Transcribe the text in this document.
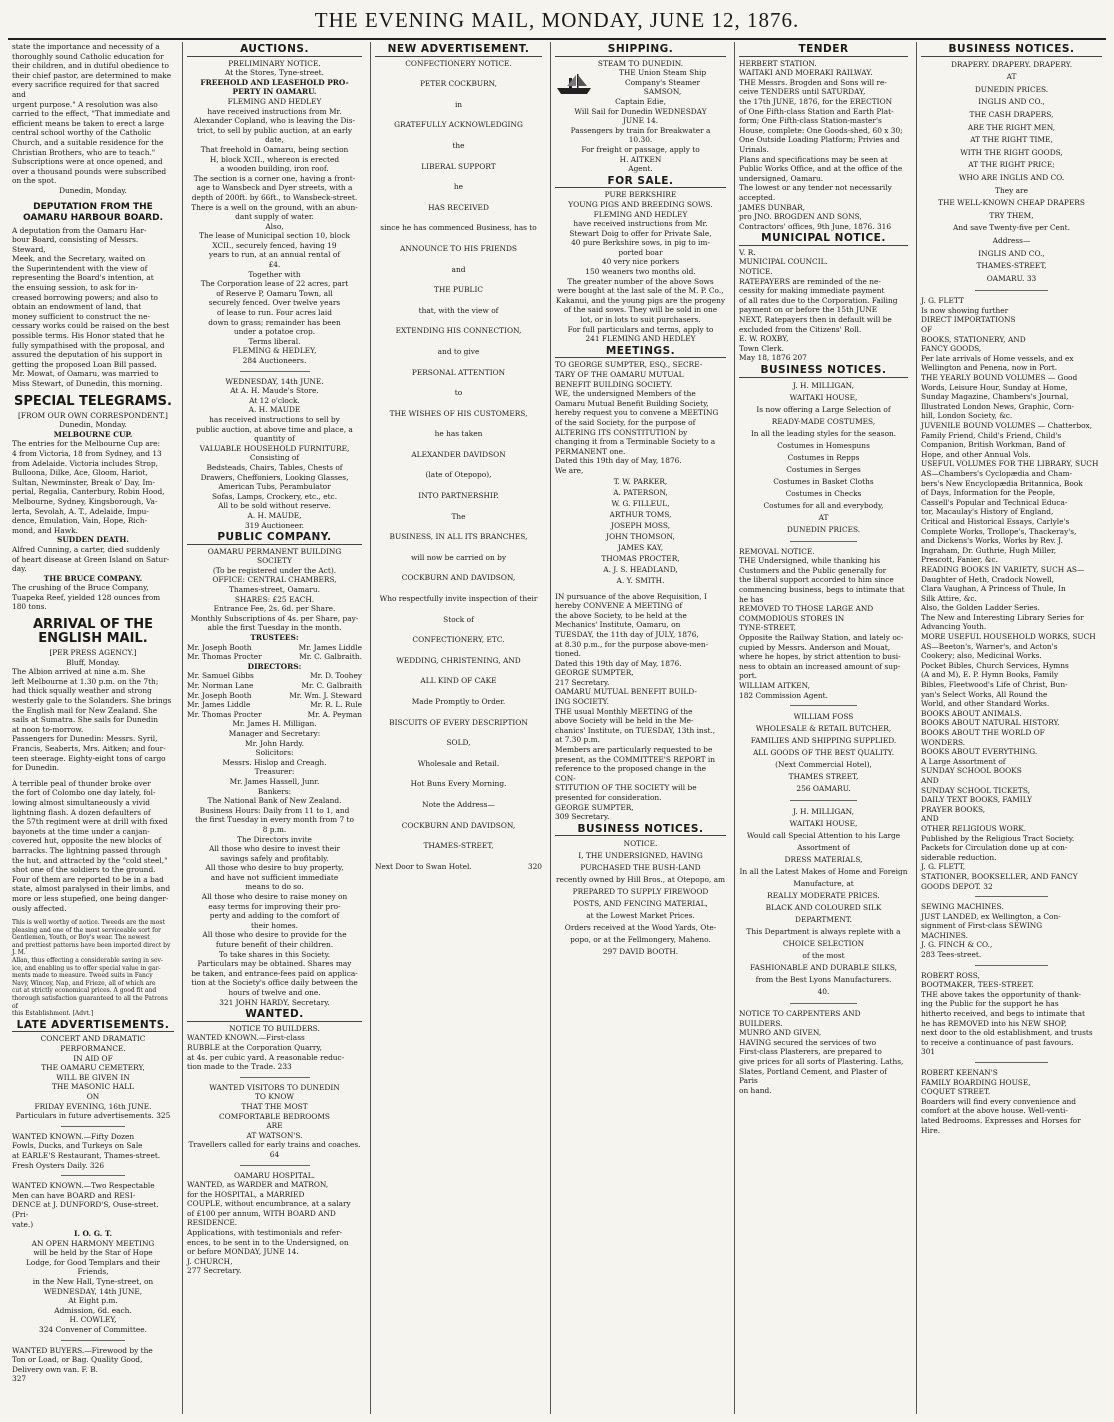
THE EVENING MAIL, MONDAY, JUNE 12, 1876.
state the importance and necessity of a
thoroughly sound Catholic education for
their children, and in dutiful obedience to
their chief pastor, are determined to make
every sacrifice required for that sacred and
urgent purpose." A resolution was also
carried to the effect, "That immediate and
efficient means be taken to erect a large
central school worthy of the Catholic
Church, and a suitable residence for the
Christian Brothers, who are to teach."
Subscriptions were at once opened, and
over a thousand pounds were subscribed
on the spot.
Dunedin, Monday.
DEPUTATION FROM THE OAMARU HARBOUR BOARD.
A deputation from the Oamaru Har-
bour Board, consisting of Messrs. Steward,
Meek, and the Secretary, waited on
the Superintendent with the view of
representing the Board's intention, at
the ensuing session, to ask for in-
creased borrowing powers; and also to
obtain an endowment of land, that
money sufficient to construct the ne-
cessary works could be raised on the best
possible terms. His Honor stated that he
fully sympathised with the proposal, and
assured the deputation of his support in
getting the proposed Loan Bill passed.
Mr. Mowat, of Oamaru, was married to
Miss Stewart, of Dunedin, this morning.
SPECIAL TELEGRAMS.
[FROM OUR OWN CORRESPONDENT.]
Dunedin, Monday.
MELBOURNE CUP.
The entries for the Melbourne Cup are:
4 from Victoria, 18 from Sydney, and 13
from Adelaide. Victoria includes Strop,
Bulloona, Dilke, Ace, Gloom, Hariot,
Sultan, Newminster, Break o' Day, Im-
perial, Regalia, Canterbury, Robin Hood,
Melbourne, Sydney, Kingsborough, Va-
lerta, Sevolah, A. T., Adelaide, Impu-
dence, Emulation, Vain, Hope, Rich-
mond, and Hawk.
SUDDEN DEATH.
Alfred Cunning, a carter, died suddenly
of heart disease at Green Island on Satur-
day.
THE BRUCE COMPANY.
The crushing of the Bruce Company,
Tuapeka Reef, yielded 128 ounces from
180 tons.
ARRIVAL OF THE ENGLISH MAIL.
[PER PRESS AGENCY.]
Bluff, Monday.
The Albion arrived at nine a.m. She
left Melbourne at 1.30 p.m. on the 7th;
had thick squally weather and strong
westerly gale to the Solanders. She brings
the English mail for New Zealand. She
sails at Sumatra. She sails for Dunedin
at noon to-morrow.
Passengers for Dunedin: Messrs. Syril,
Francis, Seaberts, Mrs. Aitken; and four-
teen steerage. Eighty-eight tons of cargo
for Dunedin.
A terrible peal of thunder broke over
the fort of Colombo one day lately, fol-
lowing almost simultaneously a vivid
lightning flash. A dozen defaulters of
the 57th regiment were at drill with fixed
bayonets at the time under a canjan-
covered hut, opposite the new blocks of
barracks. The lightning passed through
the hut, and attracted by the "cold steel,"
shot one of the soldiers to the ground.
Four of them are reported to be in a bad
state, almost paralysed in their limbs, and
more or less stupefied, one being danger-
ously affected.
This is well worthy of notice. Tweeds are the most
pleasing and one of the most serviceable sort for
Gentlemen, Youth, or Boy's wear. The newest
and prettiest patterns have been imported direct by J. M.
Allan, thus effecting a considerable saving in sev-
ice, and enabling us to offer special value in gar-
ments made to measure. Tweed suits in Fancy
Navy, Wincey, Nap, and Frieze, all of which are
cut at strictly economical prices. A good fit and
thorough satisfaction guaranteed to all the Patrons of
this Establishment. [Advt.]
LATE ADVERTISEMENTS.
CONCERT AND DRAMATIC
PERFORMANCE.
IN AID OF
THE OAMARU CEMETERY,
WILL BE GIVEN IN
THE MASONIC HALL
ON
FRIDAY EVENING, 16th JUNE.
Particulars in future advertisements. 325
WANTED KNOWN.—Fifty Dozen
Fowls, Ducks, and Turkeys on Sale
at EARLE'S Restaurant, Thames-street.
Fresh Oysters Daily. 326
WANTED KNOWN.—Two Respectable
Men can have BOARD and RESI-
DENCE at J. DUNFORD'S, Ouse-street. (Pri-
vate.)
I. O. G. T.
AN OPEN HARMONY MEETING
will be held by the Star of Hope
Lodge, for Good Templars and their Friends,
in the New Hall, Tyne-street, on
WEDNESDAY, 14th JUNE,
At Eight p.m.
Admission, 6d. each.
H. COWLEY,
324 Convener of Committee.
WANTED BUYERS.—Firewood by the
Ton or Load, or Bag. Quality Good,
Delivery own van. F. B.
327
AUCTIONS.
PRELIMINARY NOTICE.
At the Stores, Tyne-street.
FREEHOLD AND LEASEHOLD PRO- PERTY IN OAMARU.
FLEMING AND HEDLEY
have received instructions from Mr.
Alexander Copland, who is leaving the Dis-
trict, to sell by public auction, at an early
date,
That freehold in Oamaru, being section
H, block XCII., whereon is erected
a wooden building, iron roof.
The section is a corner one, having a front-
age to Wansbeck and Dyer streets, with a
depth of 200ft. by 66ft., to Wansbeck-street.
There is a well on the ground, with an abun-
dant supply of water.
Also,
The lease of Municipal section 10, block
XCII., securely fenced, having 19
years to run, at an annual rental of
£4.
Together with
The Corporation lease of 22 acres, part
of Reserve P, Oamaru Town, all
securely fenced. Over twelve years
of lease to run. Four acres laid
down to grass; remainder has been
under a potatoe crop.
Terms liberal.
FLEMING & HEDLEY,
284 Auctioneers.
WEDNESDAY, 14th JUNE.
At A. H. Maude's Store.
At 12 o'clock.
A. H. MAUDE
has received instructions to sell by
public auction, at above time and place, a
quantity of
VALUABLE HOUSEHOLD FURNITURE,
Consisting of
Bedsteads, Chairs, Tables, Chests of
Drawers, Cheffoniers, Looking Glasses,
American Tubs, Perambulator
Sofas, Lamps, Crockery, etc., etc.
All to be sold without reserve.
A. H. MAUDE,
319 Auctioneer.
PUBLIC COMPANY.
OAMARU PERMANENT BUILDING
SOCIETY
(To be registered under the Act).
OFFICE: CENTRAL CHAMBERS,
Thames-street, Oamaru.
SHARES: £25 EACH.
Entrance Fee, 2s. 6d. per Share.
Monthly Subscriptions of 4s. per Share, pay-
able the first Tuesday in the month.
TRUSTEES:
Mr. Joseph Booth	Mr. James Liddle
Mr. Thomas Procter	Mr. C. Galbraith.
DIRECTORS:
Mr. Samuel Gibbs	Mr. D. Toohey
Mr. Norman Lane	Mr. C. Galbraith
Mr. Joseph Booth	Mr. Wm. J. Steward
Mr. James Liddle	Mr. R. L. Rule
Mr. Thomas Procter	Mr. A. Peyman
Mr. James H. Milligan.
Manager and Secretary:
Mr. John Hardy.
Solicitors:
Messrs. Hislop and Creagh.
Treasurer:
Mr. James Hassell, Junr.
Bankers:
The National Bank of New Zealand.
Business Hours: Daily from 11 to 1, and
the first Tuesday in every month from 7 to
8 p.m.
The Directors invite
All those who desire to invest their
savings safely and profitably.
All those who desire to buy property,
and have not sufficient immediate
means to do so.
All those who desire to raise money on
easy terms for improving their pro-
perty and adding to the comfort of
their homes.
All those who desire to provide for the
future benefit of their children.
To take shares in this Society.
Particulars may be obtained. Shares may
be taken, and entrance-fees paid on applica-
tion at the Society's office daily between the
hours of twelve and one.
321 JOHN HARDY, Secretary.
WANTED.
NOTICE TO BUILDERS.
WANTED KNOWN.—First-class
RUBBLE at the Corporation Quarry,
at 4s. per cubic yard. A reasonable reduc-
tion made to the Trade. 233
WANTED VISITORS TO DUNEDIN
TO KNOW
THAT THE MOST
COMFORTABLE BEDROOMS
ARE
AT WATSON'S.
Travellers called for early trains and coaches.
64
OAMARU HOSPITAL.
WANTED, as WARDER and MATRON,
for the HOSPITAL, a MARRIED
COUPLE, without encumbrance, at a salary
of £100 per annum, WITH BOARD AND
RESIDENCE.
Applications, with testimonials and refer-
ences, to be sent in to the Undersigned, on
or before MONDAY, JUNE 14.
J. CHURCH,
277 Secretary.
NEW ADVERTISEMENT.

CONFECTIONERY NOTICE.

PETER COCKBURN,

in

GRATEFULLY ACKNOWLEDGING

the

LIBERAL SUPPORT

he

HAS RECEIVED

since he has commenced Business, has to

ANNOUNCE TO HIS FRIENDS

and

THE PUBLIC

that, with the view of

EXTENDING HIS CONNECTION,

and to give

PERSONAL ATTENTION

to

THE WISHES OF HIS CUSTOMERS,

he has taken

ALEXANDER DAVIDSON

(late of Otepopo),

INTO PARTNERSHIP.

The

BUSINESS, IN ALL ITS BRANCHES,

will now be carried on by

COCKBURN AND DAVIDSON,

Who respectfully invite inspection of their

Stock of

CONFECTIONERY, ETC.

WEDDING, CHRISTENING, AND

ALL KIND OF CAKE

Made Promptly to Order.

BISCUITS OF EVERY DESCRIPTION

SOLD,

Wholesale and Retail.

Hot Buns Every Morning.

Note the Address—

COCKBURN AND DAVIDSON,

THAMES-STREET,

Next Door to Swan Hotel.	320
SHIPPING.
STEAM TO DUNEDIN.
THE Union Steam Ship
Company's Steamer
SAMSON,
Captain Edie,
Will Sail for Dunedin WEDNESDAY
JUNE 14.
Passengers by train for Breakwater a
10.30.
For freight or passage, apply to
H. AITKEN
Agent.
FOR SALE.
PURE BERKSHIRE
YOUNG PIGS AND BREEDING SOWS.
FLEMING AND HEDLEY
have received instructions from Mr.
Stewart Doig to offer for Private Sale,
40 pure Berkshire sows, in pig to im-
ported boar
40 very nice porkers
150 weaners two months old.
The greater number of the above Sows
were bought at the last sale of the M. P. Co.,
Kakanui, and the young pigs are the progeny
of the said sows. They will be sold in one
lot, or in lots to suit purchasers.
For full particulars and terms, apply to
241 FLEMING AND HEDLEY
MEETINGS.
TO GEORGE SUMPTER, ESQ., SECRE-
TARY OF THE OAMARU MUTUAL
BENEFIT BUILDING SOCIETY.
WE, the undersigned Members of the
Oamaru Mutual Benefit Building Society,
hereby request you to convene a MEETING
of the said Society, for the purpose of
ALTERING ITS CONSTITUTION by
changing it from a Terminable Society to a
PERMANENT one.
Dated this 19th day of May, 1876.
We are,
T. W. PARKER,
A. PATERSON,
W. G. FILLEUL,
ARTHUR TOMS,
JOSEPH MOSS,
JOHN THOMSON,
JAMES KAY,
THOMAS PROCTER,
A. J. S. HEADLAND,
A. Y. SMITH.
IN pursuance of the above Requisition, I
hereby CONVENE A MEETING of
the above Society, to be held at the
Mechanics' Institute, Oamaru, on
TUESDAY, the 11th day of JULY, 1876,
at 8.30 p.m., for the purpose above-men-
tioned.
Dated this 19th day of May, 1876.
GEORGE SUMPTER,
217 Secretary.
OAMARU MUTUAL BENEFIT BUILD-
ING SOCIETY.
THE usual Monthly MEETING of the
above Society will be held in the Me-
chanics' Institute, on TUESDAY, 13th inst.,
at 7.30 p.m.
Members are particularly requested to be
present, as the COMMITTEE'S REPORT in
reference to the proposed change in the CON-
STITUTION OF THE SOCIETY will be
presented for consideration.
GEORGE SUMPTER,
309 Secretary.
BUSINESS NOTICES.
NOTICE.
I, THE UNDERSIGNED, HAVING
PURCHASED THE BUSH-LAND
recently owned by Hill Bros., at Otepopo, am
PREPARED TO SUPPLY FIREWOOD
POSTS, AND FENCING MATERIAL,
at the Lowest Market Prices.
Orders received at the Wood Yards, Ote-
popo, or at the Fellmongery, Maheno.
297 DAVID BOOTH.
TENDER
HERBERT STATION.
WAITAKI AND MOERAKI RAILWAY.
THE Messrs. Brogden and Sons will re-
ceive TENDERS until SATURDAY,
the 17th JUNE, 1876, for the ERECTION
of One Fifth-class Station and Earth Plat-
form; One Fifth-class Station-master's
House, complete: One Goods-shed, 60 x 30;
One Outside Loading Platform; Privies and
Urinals.
Plans and specifications may be seen at
Public Works Office, and at the office of the
undersigned, Oamaru.
The lowest or any tender not necessarily
accepted.
JAMES DUNBAR,
pro JNO. BROGDEN AND SONS,
Contractors' offices, 9th June, 1876. 316
MUNICIPAL NOTICE.
V. R.
MUNICIPAL COUNCIL.
NOTICE.
RATEPAYERS are reminded of the ne-
cessity for making immediate payment
of all rates due to the Corporation. Failing
payment on or before the 15th JUNE
NEXT, Ratepayers then in default will be
excluded from the Citizens' Roll.
E. W. ROXBY,
Town Clerk.
May 18, 1876 207
BUSINESS NOTICES.
J. H. MILLIGAN,
WAITAKI HOUSE,
Is now offering a Large Selection of
READY-MADE COSTUMES,
In all the leading styles for the season.
Costumes in Homespuns
Costumes in Repps
Costumes in Serges
Costumes in Basket Cloths
Costumes in Checks
Costumes for all and everybody,
AT
DUNEDIN PRICES.
REMOVAL NOTICE.
THE Undersigned, while thanking his
Customers and the Public generally for
the liberal support accorded to him since
commencing business, begs to intimate that
he has
REMOVED TO THOSE LARGE AND
COMMODIOUS STORES IN
TYNE-STREET,
Opposite the Railway Station, and lately oc-
cupied by Messrs. Anderson and Mouat,
where he hopes, by strict attention to busi-
ness to obtain an increased amount of sup-
port.
WILLIAM AITKEN,
182 Commission Agent.
WILLIAM FOSS
WHOLESALE & RETAIL BUTCHER,
FAMILIES AND SHIPPING SUPPLIED.
ALL GOODS OF THE BEST QUALITY.
(Next Commercial Hotel),
THAMES STREET,
256 OAMARU.
J. H. MILLIGAN,
WAITAKI HOUSE,
Would call Special Attention to his Large
Assortment of
DRESS MATERIALS,
In all the Latest Makes of Home and Foreign
Manufacture, at
REALLY MODERATE PRICES.
BLACK AND COLOURED SILK
DEPARTMENT.
This Department is always replete with a
CHOICE SELECTION
of the most
FASHIONABLE AND DURABLE SILKS,
from the Best Lyons Manufacturers.
40.
NOTICE TO CARPENTERS AND
BUILDERS.
MUNRO AND GIVEN,
HAVING secured the services of two
First-class Plasterers, are prepared to
give prices for all sorts of Plastering. Laths,
Slates, Portland Cement, and Plaster of Paris
on hand.
BUSINESS NOTICES.
DRAPERY. DRAPERY. DRAPERY.
AT
DUNEDIN PRICES.
INGLIS AND CO.,
THE CASH DRAPERS,
ARE THE RIGHT MEN,
AT THE RIGHT TIME,
WITH THE RIGHT GOODS,
AT THE RIGHT PRICE;
WHO ARE INGLIS AND CO.
They are
THE WELL-KNOWN CHEAP DRAPERS
TRY THEM,
And save Twenty-five per Cent.
Address—
INGLIS AND CO.,
THAMES-STREET,
OAMARU. 33
J. G. FLETT
Is now showing further
DIRECT IMPORTATIONS
OF
BOOKS, STATIONERY, AND
FANCY GOODS,
Per late arrivals of Home vessels, and ex
Wellington and Penena, now in Port.
THE YEARLY BOUND VOLUMES — Good
Words, Leisure Hour, Sunday at Home,
Sunday Magazine, Chambers's Journal,
Illustrated London News, Graphic, Corn-
hill, London Society, &c.
JUVENILE BOUND VOLUMES — Chatterbox,
Family Friend, Child's Friend, Child's
Companion, British Workman, Band of
Hope, and other Annual Vols.
USEFUL VOLUMES FOR THE LIBRARY, SUCH
AS—Chambers's Cyclopædia and Cham-
bers's New Encyclopædia Britannica, Book
of Days, Information for the People,
Cassell's Popular and Technical Educa-
tor, Macaulay's History of England,
Critical and Historical Essays, Carlyle's
Complete Works, Trollope's, Thackeray's,
and Dickens's Works, Works by Rev. J.
Ingraham, Dr. Guthrie, Hugh Miller,
Prescott, Fanier, &c.
READING BOOKS IN VARIETY, SUCH AS—
Daughter of Heth, Cradock Nowell,
Clara Vaughan, A Princess of Thule, In
Silk Attire, &c.
Also, the Golden Ladder Series.
The New and Interesting Library Series for
Advancing Youth.
MORE USEFUL HOUSEHOLD WORKS, SUCH
AS—Beeton's, Warner's, and Acton's
Cookery; also, Medicinal Works.
Pocket Bibles, Church Services, Hymns
(A and M), E. P. Hymn Books, Family
Bibles, Fleetwood's Life of Christ, Bun-
yan's Select Works, All Round the
World, and other Standard Works.
BOOKS ABOUT ANIMALS.
BOOKS ABOUT NATURAL HISTORY.
BOOKS ABOUT THE WORLD OF
WONDERS.
BOOKS ABOUT EVERYTHING.
A Large Assortment of
SUNDAY SCHOOL BOOKS
AND
SUNDAY SCHOOL TICKETS,
DAILY TEXT BOOKS, FAMILY
PRAYER BOOKS,
AND
OTHER RELIGIOUS WORK.
Published by the Religious Tract Society.
Packets for Circulation done up at con-
siderable reduction.
J. G. FLETT,
STATIONER, BOOKSELLER, AND FANCY
GOODS DEPOT. 32
SEWING MACHINES.
JUST LANDED, ex Wellington, a Con-
signment of First-class SEWING
MACHINES.
J. G. FINCH & CO.,
283 Tees-street.
ROBERT ROSS,
BOOTMAKER, TEES-STREET.
THE above takes the opportunity of thank-
ing the Public for the support he has
hitherto received, and begs to intimate that
he has REMOVED into his NEW SHOP,
next door to the old establishment, and trusts
to receive a continuance of past favours.
301
ROBERT KEENAN'S
FAMILY BOARDING HOUSE,
COQUET STREET.
Boarders will find every convenience and
comfort at the above house. Well-venti-
lated Bedrooms. Expresses and Horses for
Hire.
